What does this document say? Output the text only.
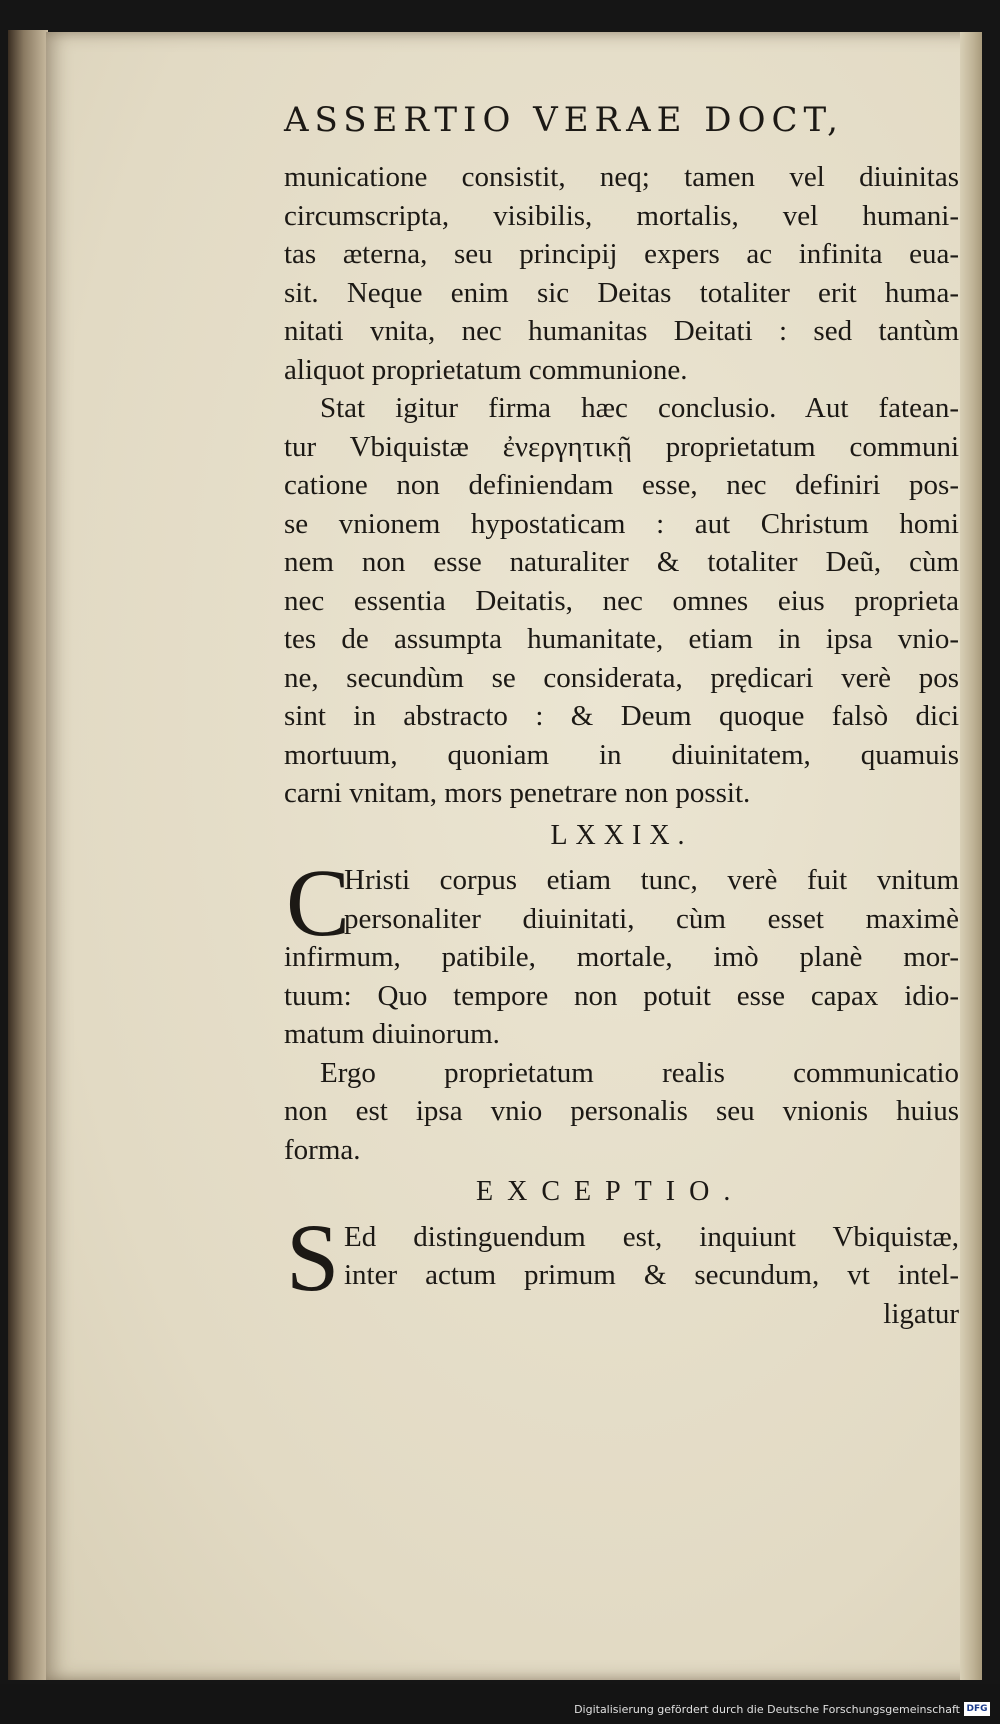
ASSERTIO VERAE DOCT,
municatione consistit, neq; tamen vel diuinitas
circumscripta, visibilis, mortalis, vel humani-
tas æterna, seu principij expers ac infinita eua-
sit. Neque enim sic Deitas totaliter erit huma-
nitati vnita, nec humanitas Deitati : sed tantùm
aliquot proprietatum communione.
Stat igitur firma hæc conclusio. Aut fatean-
tur Vbiquistæ ἐνεργητικῇ proprietatum communi
catione non definiendam esse, nec definiri pos-
se vnionem hypostaticam : aut Christum homi
nem non esse naturaliter & totaliter Deũ, cùm
nec essentia Deitatis, nec omnes eius proprieta
tes de assumpta humanitate, etiam in ipsa vnio-
ne, secundùm se considerata, prędicari verè pos
sint in abstracto : & Deum quoque falsò dici
mortuum, quoniam in diuinitatem, quamuis
carni vnitam, mors penetrare non possit.
LXXIX.
C
Hristi corpus etiam tunc, verè fuit vnitum
personaliter diuinitati, cùm esset maximè
infirmum, patibile, mortale, imò planè mor-
tuum: Quo tempore non potuit esse capax idio-
matum diuinorum.
Ergo proprietatum realis communicatio
non est ipsa vnio personalis seu vnionis huius
forma.
EXCEPTIO.
S Ed distinguendum est, inquiunt Vbiquistæ,
inter actum primum & secundum, vt intel-
ligatur
Digitalisierung gefördert durch die Deutsche Forschungsgemeinschaft DFG
